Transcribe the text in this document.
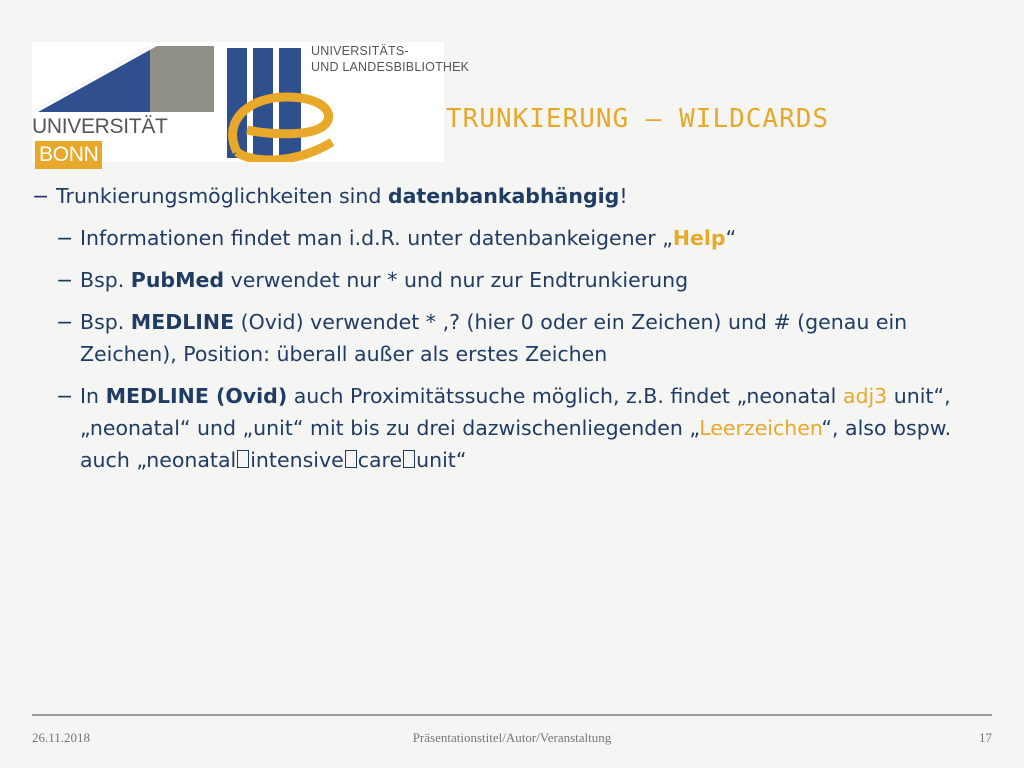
UNIVERSITÄTBONN
UNIVERSITÄTS-
UND LANDESBIBLIOTHEK
TRUNKIERUNG – WILDCARDS
− Trunkierungsmöglichkeiten sind datenbankabhängig!
− Informationen findet man i.d.R. unter datenbankeigener „Help“
− Bsp. PubMed verwendet nur * und nur zur Endtrunkierung
− Bsp. MEDLINE (Ovid) verwendet * ,? (hier 0 oder ein Zeichen) und # (genau ein Zeichen), Position: überall außer als erstes Zeichen
− In MEDLINE (Ovid) auch Proximitätssuche möglich, z.B. findet „neonatal adj3 unit“, „neonatal“ und „unit“ mit bis zu drei dazwischenliegenden „Leerzeichen“, also bspw. auch „neonatal intensive care unit“
26.11.2018	Präsentationstitel/Autor/Veranstaltung	17
